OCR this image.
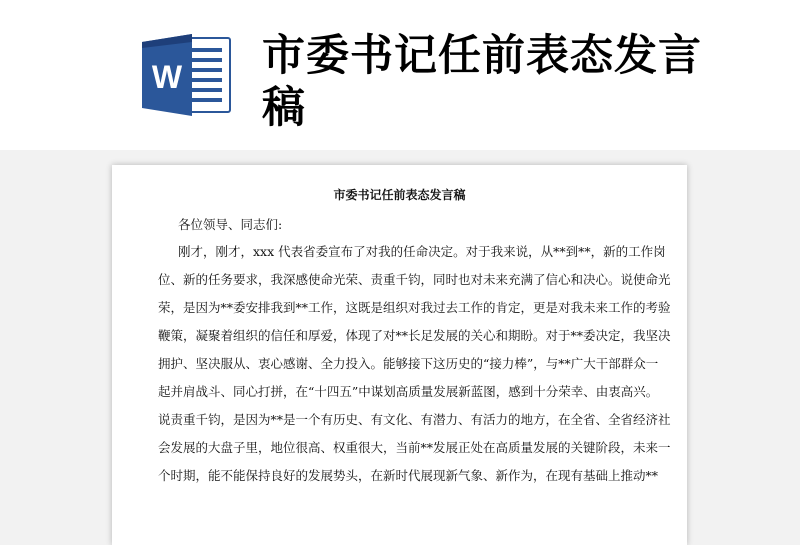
W 市委书记任前表态发言稿
市委书记任前表态发言稿
各位领导、同志们:
刚才，刚才，xxx 代表省委宣布了对我的任命决定。对于我来说，从**到**，新的工作岗
位、新的任务要求，我深感使命光荣、责重千钧，同时也对未来充满了信心和决心。说使命光
荣，是因为**委安排我到**工作，这既是组织对我过去工作的肯定，更是对我未来工作的考验
鞭策，凝聚着组织的信任和厚爱，体现了对**长足发展的关心和期盼。对于**委决定，我坚决
拥护、坚决服从、衷心感谢、全力投入。能够接下这历史的“接力棒”，与**广大干部群众一
起并肩战斗、同心打拼，在“十四五”中谋划高质量发展新蓝图，感到十分荣幸、由衷高兴。
说责重千钧，是因为**是一个有历史、有文化、有潜力、有活力的地方，在全省、全省经济社
会发展的大盘子里，地位很高、权重很大，当前**发展正处在高质量发展的关键阶段，未来一
个时期，能不能保持良好的发展势头，在新时代展现新气象、新作为，在现有基础上推动**
